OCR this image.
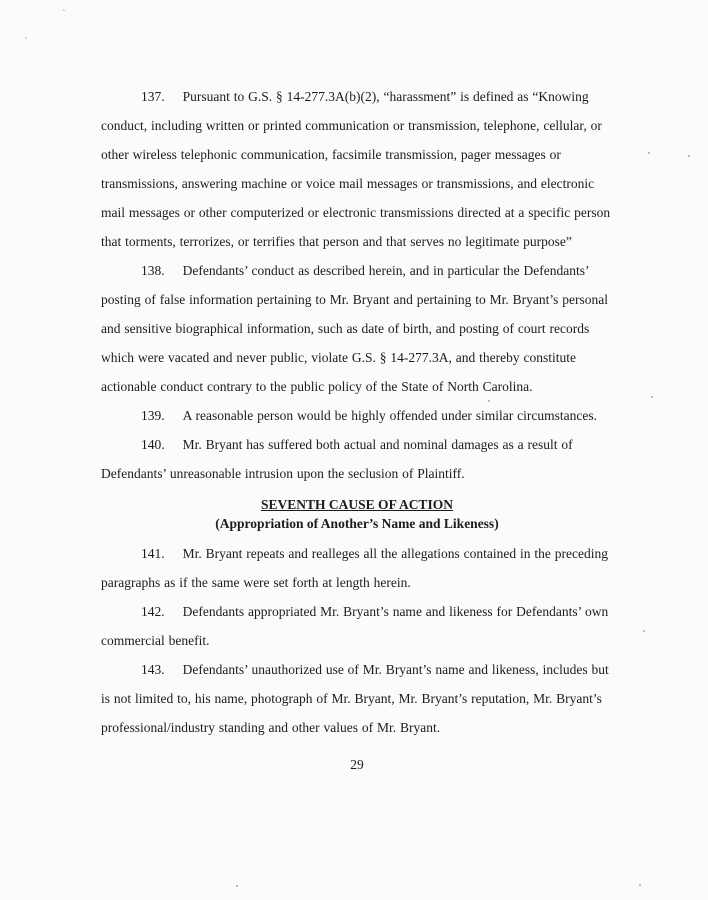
`
`

137. Pursuant to G.S. § 14-277.3A(b)(2), “harassment” is defined as “Knowing conduct, including written or printed communication or transmission, telephone, cellular, or other wireless telephonic communication, facsimile transmission, pager messages or transmissions, answering machine or voice mail messages or transmissions, and electronic mail messages or other computerized or electronic transmissions directed at a specific person that torments, terrorizes, or terrifies that person and that serves no legitimate purpose”

138. Defendants’ conduct as described herein, and in particular the Defendants’ posting of false information pertaining to Mr. Bryant and pertaining to Mr. Bryant’s personal and sensitive biographical information, such as date of birth, and posting of court records which were vacated and never public, violate G.S. § 14-277.3A, and thereby constitute actionable conduct contrary to the public policy of the State of North Carolina.

139. A reasonable person would be highly offended under similar circumstances.

140. Mr. Bryant has suffered both actual and nominal damages as a result of Defendants’ unreasonable intrusion upon the seclusion of Plaintiff.

SEVENTH CAUSE OF ACTION
(Appropriation of Another’s Name and Likeness)

141. Mr. Bryant repeats and realleges all the allegations contained in the preceding paragraphs as if the same were set forth at length herein.

142. Defendants appropriated Mr. Bryant’s name and likeness for Defendants’ own commercial benefit.

143. Defendants’ unauthorized use of Mr. Bryant’s name and likeness, includes but is not limited to, his name, photograph of Mr. Bryant, Mr. Bryant’s reputation, Mr. Bryant’s professional/industry standing and other values of Mr. Bryant.

29
